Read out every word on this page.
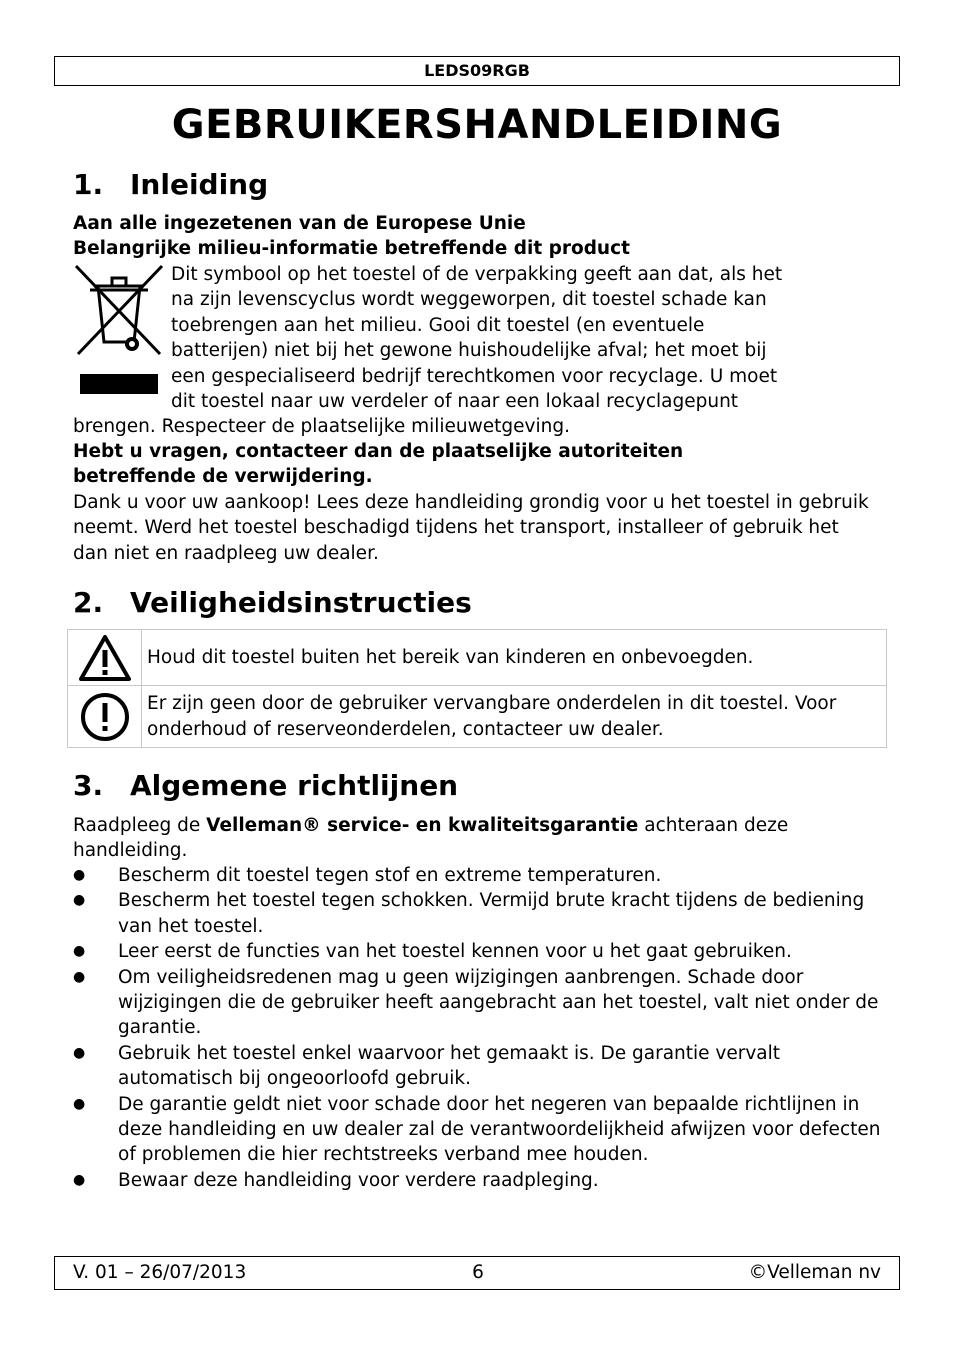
LEDS09RGB
GEBRUIKERSHANDLEIDING
1. Inleiding
Aan alle ingezetenen van de Europese Unie
Belangrijke milieu-informatie betreffende dit product
Dit symbool op het toestel of de verpakking geeft aan dat, als het
na zijn levenscyclus wordt weggeworpen, dit toestel schade kan
toebrengen aan het milieu. Gooi dit toestel (en eventuele
batterijen) niet bij het gewone huishoudelijke afval; het moet bij
een gespecialiseerd bedrijf terechtkomen voor recyclage. U moet
dit toestel naar uw verdeler of naar een lokaal recyclagepunt
brengen. Respecteer de plaatselijke milieuwetgeving.
Hebt u vragen, contacteer dan de plaatselijke autoriteiten betreffende de verwijdering.
Dank u voor uw aankoop! Lees deze handleiding grondig voor u het toestel in gebruik neemt. Werd het toestel beschadigd tijdens het transport, installeer of gebruik het dan niet en raadpleeg uw dealer.
2. Veiligheidsinstructies
	Houd dit toestel buiten het bereik van kinderen en onbevoegden.

	Er zijn geen door de gebruiker vervangbare onderdelen in dit toestel. Voor onderhoud of reserveonderdelen, contacteer uw dealer.
3. Algemene richtlijnen
Raadpleeg de Velleman® service- en kwaliteitsgarantie achteraan deze handleiding.
● Bescherm dit toestel tegen stof en extreme temperaturen.
● Bescherm het toestel tegen schokken. Vermijd brute kracht tijdens de bediening van het toestel.
● Leer eerst de functies van het toestel kennen voor u het gaat gebruiken.
● Om veiligheidsredenen mag u geen wijzigingen aanbrengen. Schade door wijzigingen die de gebruiker heeft aangebracht aan het toestel, valt niet onder de garantie.
● Gebruik het toestel enkel waarvoor het gemaakt is. De garantie vervalt automatisch bij ongeoorloofd gebruik.
● De garantie geldt niet voor schade door het negeren van bepaalde richtlijnen in deze handleiding en uw dealer zal de verantwoordelijkheid afwijzen voor defecten of problemen die hier rechtstreeks verband mee houden.
● Bewaar deze handleiding voor verdere raadpleging.
V. 01 – 26/07/2013	6	©Velleman nv
